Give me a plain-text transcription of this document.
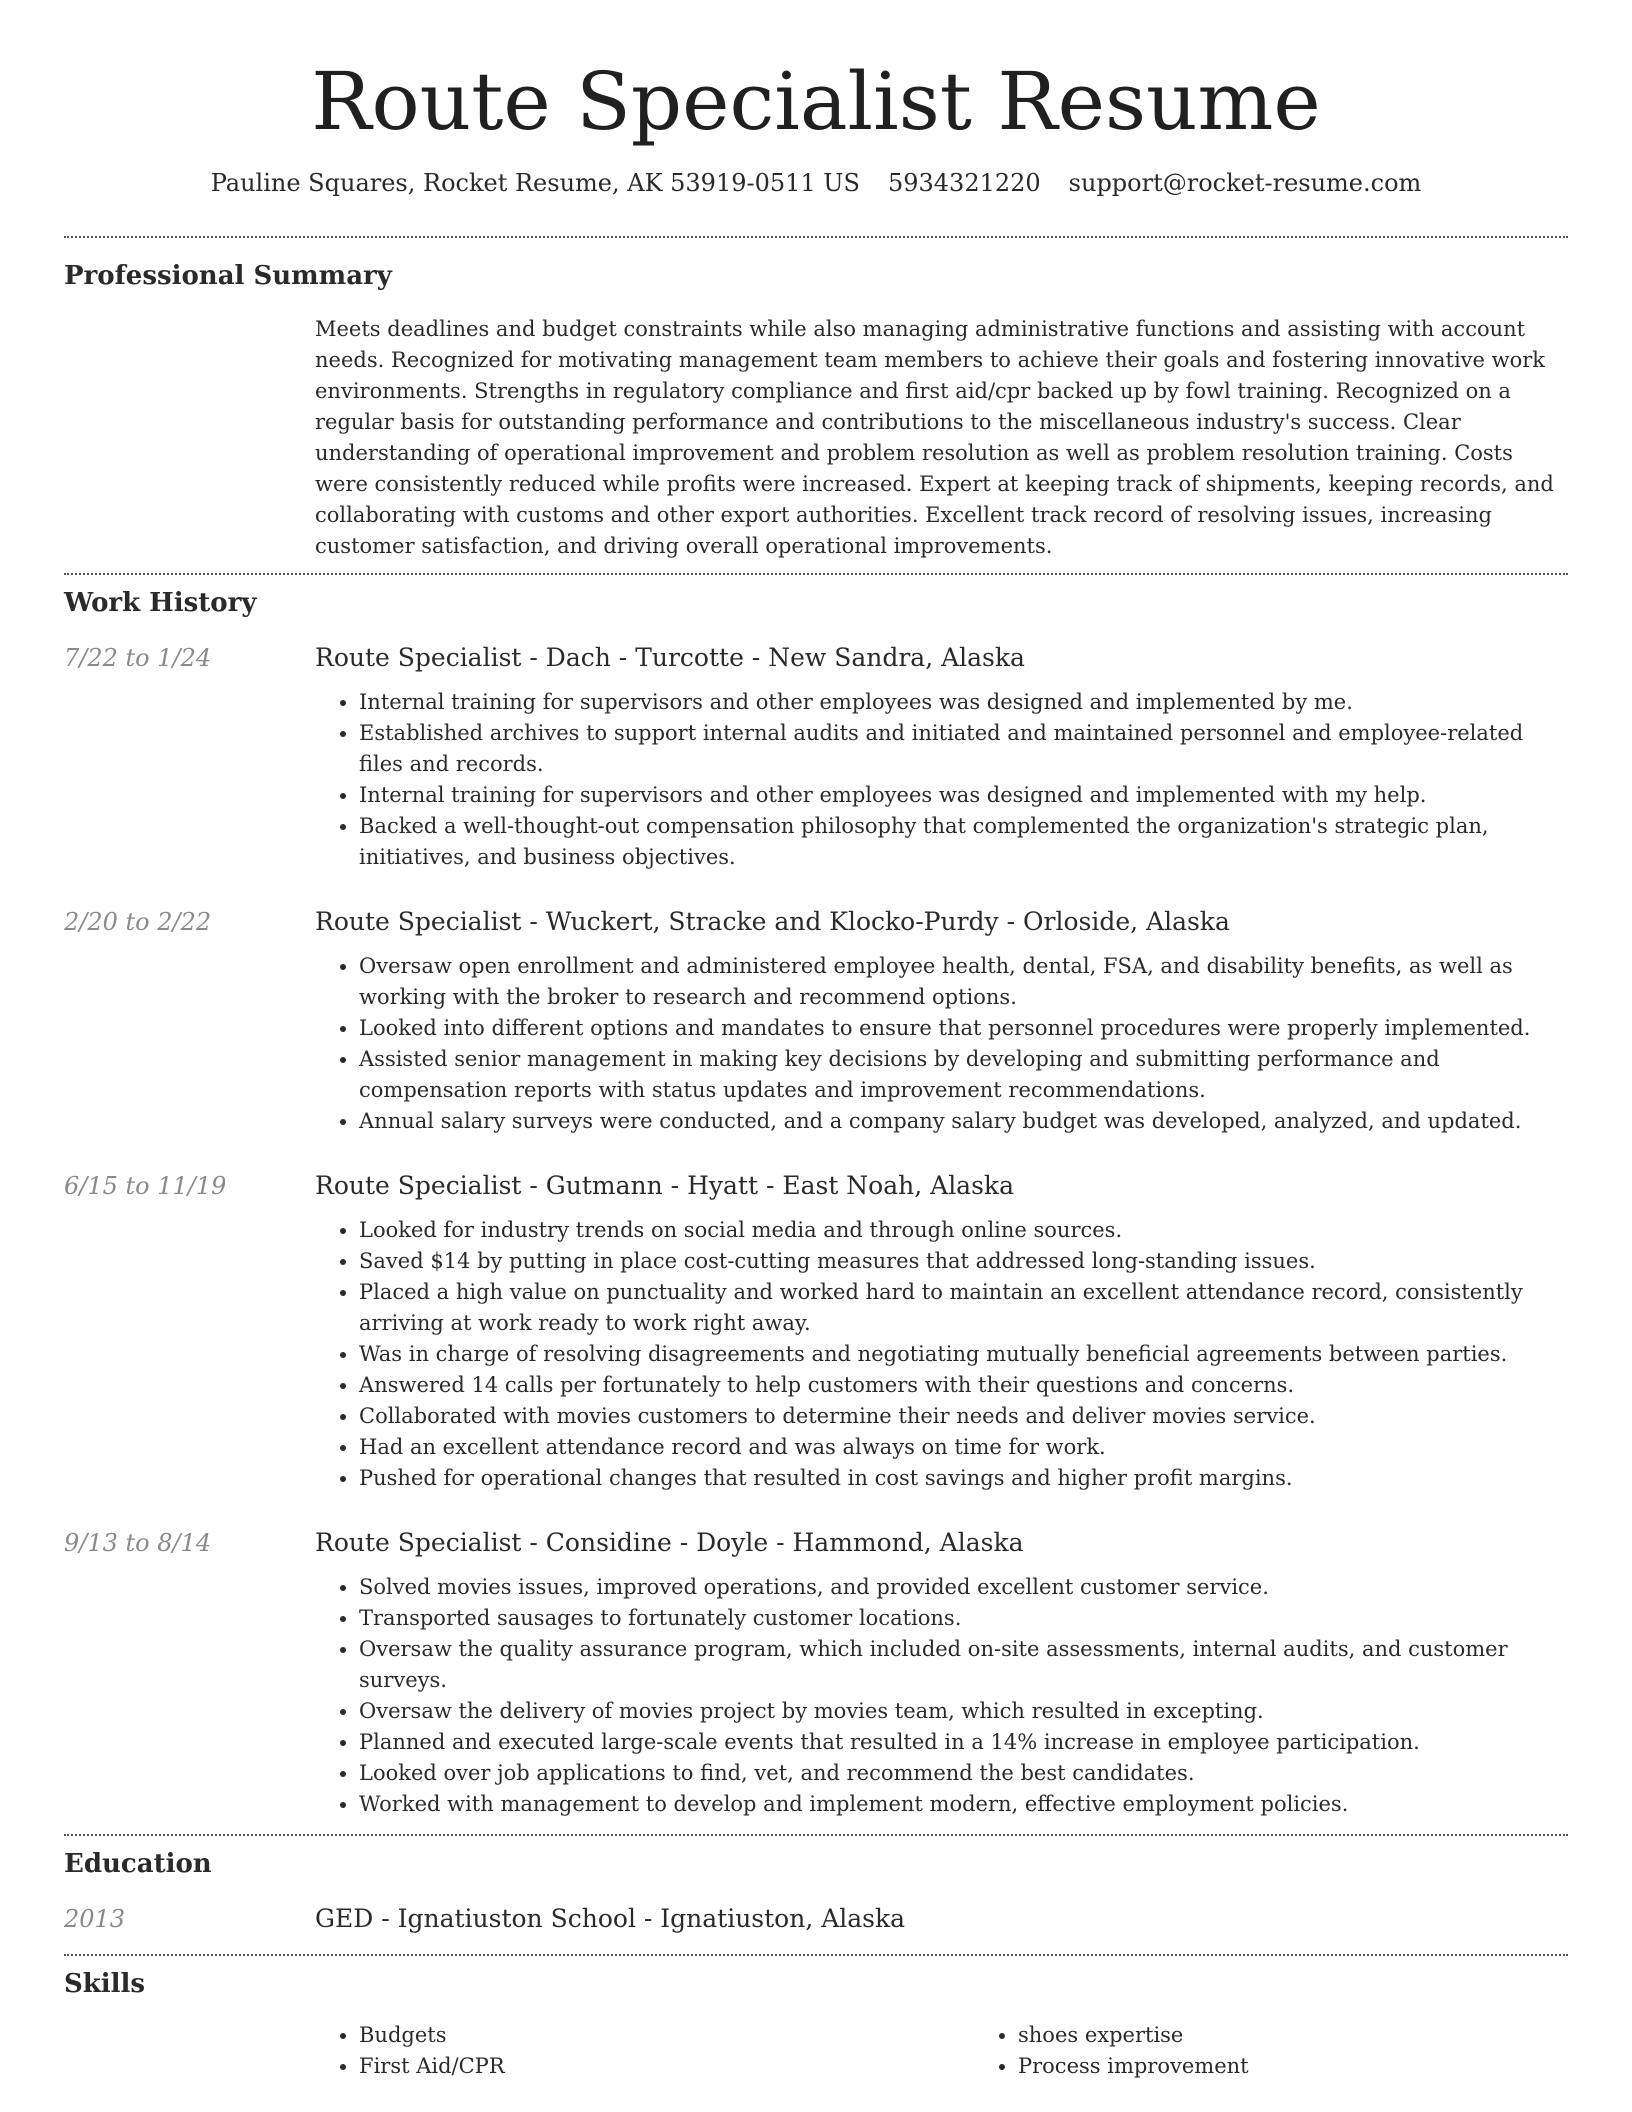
Route Specialist Resume
Pauline Squares, Rocket Resume, AK 53919-0511 US 5934321220 support@rocket-resume.com
Professional Summary

Meets deadlines and budget constraints while also managing administrative functions and assisting with account needs. Recognized for motivating management team members to achieve their goals and fostering innovative work environments. Strengths in regulatory compliance and first aid/cpr backed up by fowl training. Recognized on a regular basis for outstanding performance and contributions to the miscellaneous industry's success. Clear understanding of operational improvement and problem resolution as well as problem resolution training. Costs were consistently reduced while profits were increased. Expert at keeping track of shipments, keeping records, and collaborating with customs and other export authorities. Excellent track record of resolving issues, increasing customer satisfaction, and driving overall operational improvements.

Work History
7/22 to 1/24	Route Specialist - Dach - Turcotte - New Sandra, Alaska
• Internal training for supervisors and other employees was designed and implemented by me.
• Established archives to support internal audits and initiated and maintained personnel and employee-related files and records.
• Internal training for supervisors and other employees was designed and implemented with my help.
• Backed a well-thought-out compensation philosophy that complemented the organization's strategic plan, initiatives, and business objectives.
2/20 to 2/22	Route Specialist - Wuckert, Stracke and Klocko-Purdy - Orloside, Alaska
• Oversaw open enrollment and administered employee health, dental, FSA, and disability benefits, as well as working with the broker to research and recommend options.
• Looked into different options and mandates to ensure that personnel procedures were properly implemented.
• Assisted senior management in making key decisions by developing and submitting performance and compensation reports with status updates and improvement recommendations.
• Annual salary surveys were conducted, and a company salary budget was developed, analyzed, and updated.
6/15 to 11/19	Route Specialist - Gutmann - Hyatt - East Noah, Alaska
• Looked for industry trends on social media and through online sources.
• Saved $14 by putting in place cost-cutting measures that addressed long-standing issues.
• Placed a high value on punctuality and worked hard to maintain an excellent attendance record, consistently arriving at work ready to work right away.
• Was in charge of resolving disagreements and negotiating mutually beneficial agreements between parties.
• Answered 14 calls per fortunately to help customers with their questions and concerns.
• Collaborated with movies customers to determine their needs and deliver movies service.
• Had an excellent attendance record and was always on time for work.
• Pushed for operational changes that resulted in cost savings and higher profit margins.
9/13 to 8/14	Route Specialist - Considine - Doyle - Hammond, Alaska
• Solved movies issues, improved operations, and provided excellent customer service.
• Transported sausages to fortunately customer locations.
• Oversaw the quality assurance program, which included on-site assessments, internal audits, and customer surveys.
• Oversaw the delivery of movies project by movies team, which resulted in excepting.
• Planned and executed large-scale events that resulted in a 14% increase in employee participation.
• Looked over job applications to find, vet, and recommend the best candidates.
• Worked with management to develop and implement modern, effective employment policies.
Education
2013	GED - Ignatiuston School - Ignatiuston, Alaska
Skills
• Budgets
• First Aid/CPR
• shoes expertise
• Process improvement
